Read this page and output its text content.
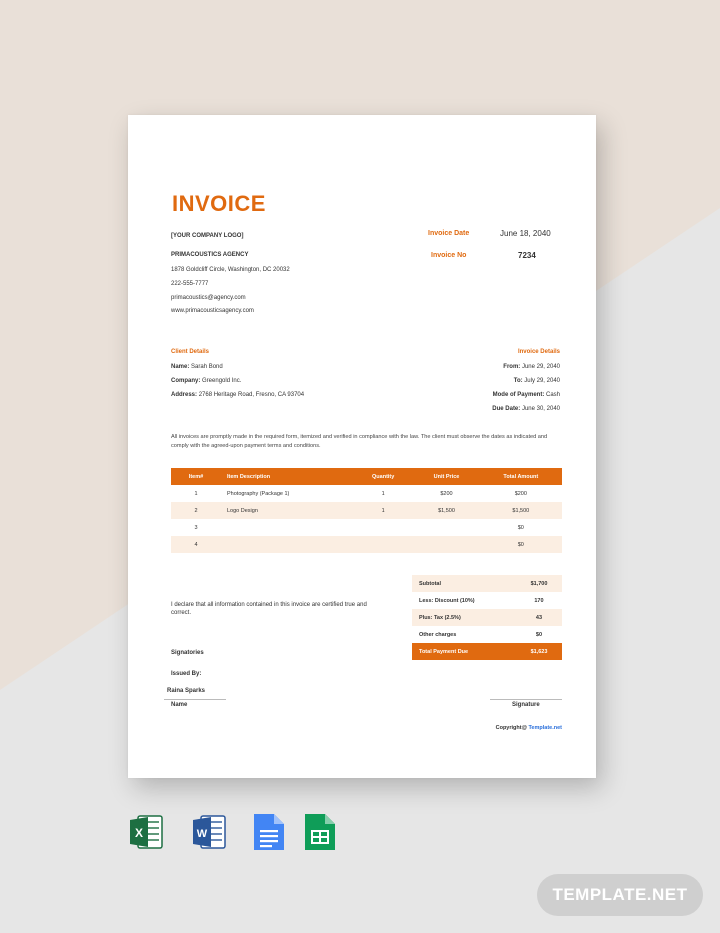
INVOICE
[YOUR COMPANY LOGO]
PRIMACOUSTICS AGENCY
1878 Goldcliff Circle, Washington, DC 20032
222-555-7777
primacoustics@agency.com
www.primacousticsagency.com
Invoice Date	June 18, 2040
Invoice No	7234
Client Details
Name: Sarah Bond
Company: Greengold Inc.
Address: 2768 Heritage Road, Fresno, CA 93704
Invoice Details
From: June 29, 2040
To: July 29, 2040
Mode of Payment: Cash
Due Date: June 30, 2040
All invoices are promptly made in the required form, itemized and verified in compliance with the law. The client must observe the dates as indicated and comply with the agreed-upon payment terms and conditions.
Item#	Item Description	Quantity	Unit Price	Total Amount
1	Photography (Package 1)	1	$200	$200
2	Logo Design	1	$1,500	$1,500
3				$0
4				$0
I declare that all information contained in this invoice are certified true and correct.
Subtotal	$1,700
Less: Discount (10%)	170
Plus: Tax (2.5%)	43
Other charges	$0
Total Payment Due	$1,623
Signatories
Issued By:
Raina Sparks
Name	Signature
Copyright@ Template.net
X	W
TEMPLATE.NET
